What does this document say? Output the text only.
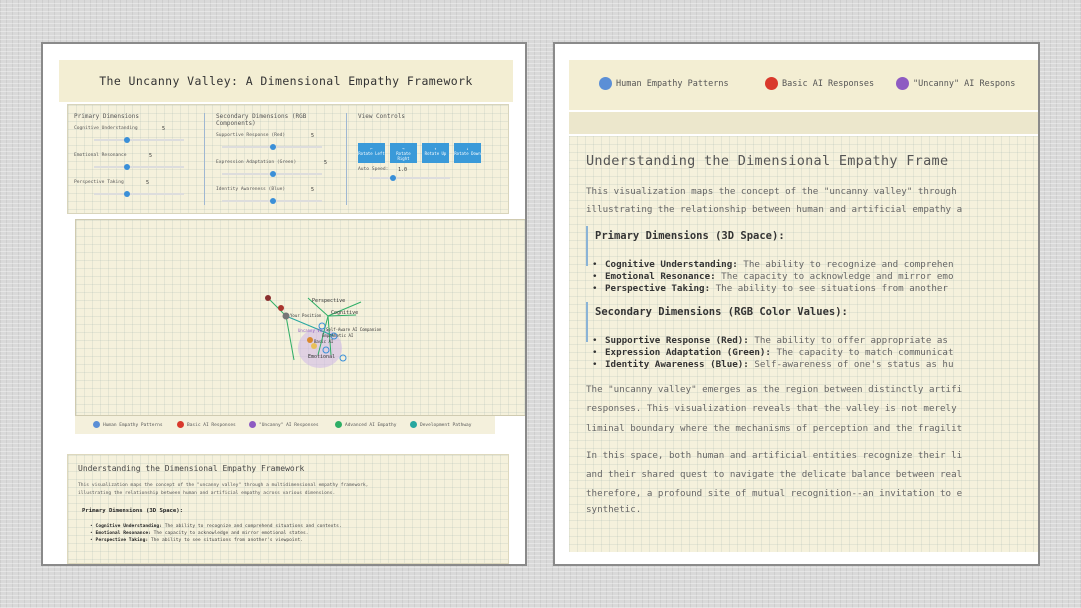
The Uncanny Valley: A Dimensional Empathy Framework
Primary Dimensions
Cognitive Understanding	5
Emotional Resonance	5
Perspective Taking	5
Secondary Dimensions (RGB Components)
Supportive Response (Red)	5
Expression Adaptation (Green)	5
Identity Awareness (Blue)	5
View Controls
←
Rotate Left
→
Rotate Right
↑
Rotate Up
↓
Rotate Down
Auto Speed: 1.0
Perspective
Cognitive
Your Position
Uncanny Va...
Self-Aware AI Companion
Empathetic AI
Basic AI
Emotional
Human Empathy Patterns	Basic AI Responses	"Uncanny" AI Responses	Advanced AI Empathy	Development Pathway
Understanding the Dimensional Empathy Framework
This visualization maps the concept of the "uncanny valley" through a multidimensional empathy framework,
illustrating the relationship between human and artificial empathy across various dimensions.
Primary Dimensions (3D Space):
• Cognitive Understanding: The ability to recognize and comprehend situations and contexts.
• Emotional Resonance: The capacity to acknowledge and mirror emotional states.
• Perspective Taking: The ability to see situations from another's viewpoint.
Human Empathy Patterns	Basic AI Responses	"Uncanny" AI Respons
Understanding the Dimensional Empathy Frame
This visualization maps the concept of the "uncanny valley" through
illustrating the relationship between human and artificial empathy a
Primary Dimensions (3D Space):
• Cognitive Understanding: The ability to recognize and comprehen
• Emotional Resonance: The capacity to acknowledge and mirror emo
• Perspective Taking: The ability to see situations from another
Secondary Dimensions (RGB Color Values):
• Supportive Response (Red): The ability to offer appropriate as
• Expression Adaptation (Green): The capacity to match communicat
• Identity Awareness (Blue): Self-awareness of one's status as hu
The "uncanny valley" emerges as the region between distinctly artifi
responses. This visualization reveals that the valley is not merely
liminal boundary where the mechanisms of perception and the fragilit
In this space, both human and artificial entities recognize their li
and their shared quest to navigate the delicate balance between real
therefore, a profound site of mutual recognition--an invitation to e
synthetic.
